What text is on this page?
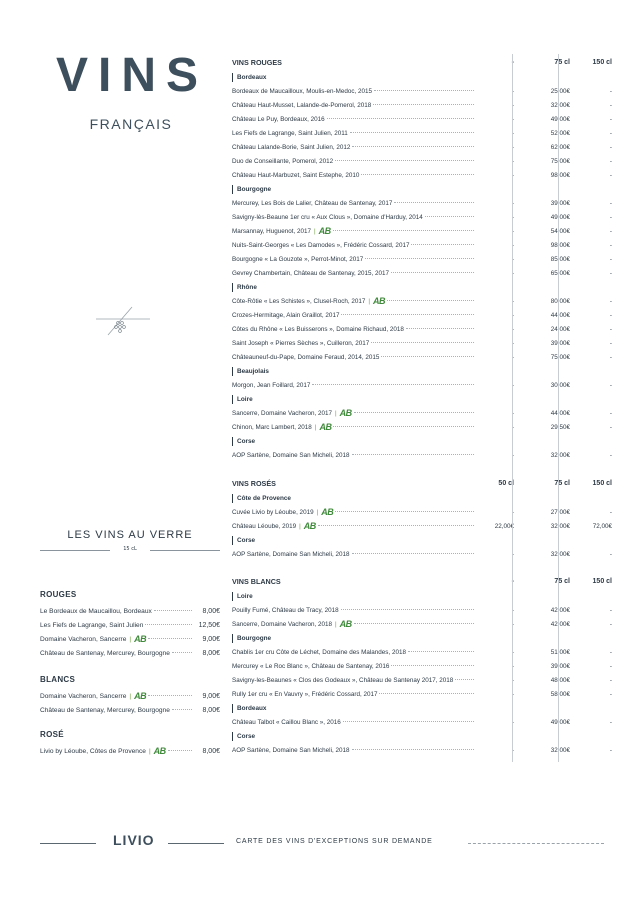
VINS
FRANÇAIS
LES VINS AU VERRE
15 cL
VINS ROUGES	-	75 cl	150 cl
Bordeaux
Bordeaux de Maucailloux, Moulis-en-Medoc, 2015	-	25,00€	-
Château Haut-Musset, Lalande-de-Pomerol, 2018	-	32,00€	-
Château Le Puy, Bordeaux, 2016	-	49,00€	-
Les Fiefs de Lagrange, Saint Julien, 2011	-	52,00€	-
Château Lalande-Borie, Saint Julien, 2012	-	62,00€	-
Duo de Conseillante, Pomerol, 2012	-	75,00€	-
Château Haut-Marbuzet, Saint Estephe, 2010	-	98,00€	-
Bourgogne
Mercurey, Les Bois de Lalier, Château de Santenay, 2017	-	39,00€	-
Savigny-lès-Beaune 1er cru « Aux Clous », Domaine d'Harduy, 2014	-	49,00€	-
Marsannay, Huguenot, 2017 | AB	-	54,00€	-
Nuits-Saint-Georges « Les Damodes », Frédéric Cossard, 2017	-	98,00€	-
Bourgogne « La Gouzote », Perrot-Minot, 2017	-	85,00€	-
Gevrey Chambertain, Château de Santenay, 2015, 2017	-	65,00€	-
Rhône
Côte-Rôtie « Les Schistes », Clusel-Roch, 2017 | AB	-	80,00€	-
Crozes-Hermitage, Alain Graillot, 2017	-	44,00€	-
Côtes du Rhône « Les Buisserons », Domaine Richaud, 2018	-	24,00€	-
Saint Joseph « Pierres Sèches », Cuilleron, 2017	-	39,00€	-
Châteauneuf-du-Pape, Domaine Feraud, 2014, 2015	-	75,00€	-
Beaujolais
Morgon, Jean Foillard, 2017	-	30,00€	-
Loire
Sancerre, Domaine Vacheron, 2017 | AB	-	44,00€	-
Chinon, Marc Lambert, 2018 | AB	-	29,50€	-
Corse
AOP Sartène, Domaine San Micheli, 2018	-	32,00€	-
VINS ROSÉS	50 cl	75 cl	150 cl
Côte de Provence
Cuvée Livio by Léoube, 2019 | AB	-	27,00€	-
Château Léoube, 2019 | AB	22,00€	32,00€	72,00€
Corse
AOP Sartène, Domaine San Micheli, 2018	-	32,00€	-
VINS BLANCS	-	75 cl	150 cl
Loire
Pouilly Fumé, Château de Tracy, 2018	-	42,00€	-
Sancerre, Domaine Vacheron, 2018 | AB	-	42,00€	-
Bourgogne
Chablis 1er cru Côte de Léchet, Domaine des Malandes, 2018	-	51,00€	-
Mercurey « Le Roc Blanc », Château de Santenay, 2016	-	39,00€	-
Savigny-les-Beaunes « Clos des Godeaux », Château de Santenay 2017, 2018	-	48,00€	-
Rully 1er cru « En Vauvry », Frédéric Cossard, 2017	-	58,00€	-
Bordeaux
Château Talbot « Caillou Blanc », 2016	-	49,00€	-
Corse
AOP Sartène, Domaine San Micheli, 2018	-	32,00€	-
LIVIO	CARTE DES VINS D'EXCEPTIONS SUR DEMANDE
ROUGES
Le Bordeaux de Maucaillou, Bordeaux	8,00€
Les Fiefs de Lagrange, Saint Julien	12,50€
Domaine Vacheron, Sancerre | AB	9,00€
Château de Santenay, Mercurey, Bourgogne	8,00€
BLANCS
Domaine Vacheron, Sancerre | AB	9,00€
Château de Santenay, Mercurey, Bourgogne	8,00€
ROSÉ
Livio by Léoube, Côtes de Provence | AB	8,00€
